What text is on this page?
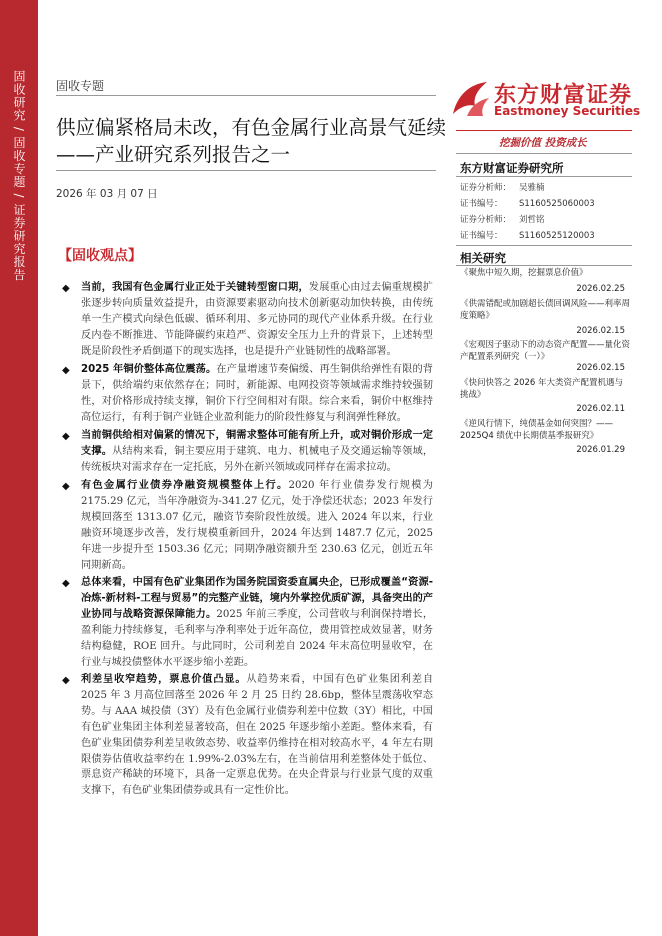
固收研究 / 固收专题 / 证券研究报告	固收专题
供应偏紧格局未改，有色金属行业高景气延续——产业研究系列报告之一
2026 年 03 月 07 日
东方财富证券
Eastmoney Securities
挖掘价值 投资成长
东方财富证券研究所
证券分析师： 吴雅楠
证书编号： S1160525060003
证券分析师： 刘哲铭
证书编号： S1160525120003
相关研究
《聚焦中短久期，挖掘票息价值》
2026.02.25
《供需错配或加剧超长债回调风险——利率周度策略》
2026.02.15
《宏观因子驱动下的动态资产配置——量化资产配置系列研究（一）》
2026.02.15
《快问快答之 2026 年大类资产配置机遇与挑战》
2026.02.11
《逆风行情下，纯债基金如何突围？——2025Q4 绩优中长期债基季报研究》
2026.01.29
【固收观点】
◆ 当前，我国有色金属行业正处于关键转型窗口期，发展重心由过去偏重规模扩张逐步转向质量效益提升，由资源要素驱动向技术创新驱动加快转换，由传统单一生产模式向绿色低碳、循环利用、多元协同的现代产业体系升级。在行业反内卷不断推进、节能降碳约束趋严、资源安全压力上升的背景下，上述转型既是阶段性矛盾倒逼下的现实选择，也是提升产业链韧性的战略部署。
◆ 2025 年铜价整体高位震荡。在产量增速节奏偏缓、再生铜供给弹性有限的背景下，供给端约束依然存在；同时，新能源、电网投资等领域需求维持较强韧性，对价格形成持续支撑，铜价下行空间相对有限。综合来看，铜价中枢维持高位运行，有利于铜产业链企业盈利能力的阶段性修复与利润弹性释放。
◆ 当前铜供给相对偏紧的情况下，铜需求整体可能有所上升，或对铜价形成一定支撑。从结构来看，铜主要应用于建筑、电力、机械电子及交通运输等领域，传统板块对需求存在一定托底，另外在新兴领域或同样存在需求拉动。
◆ 有色金属行业债券净融资规模整体上行。2020 年行业债券发行规模为 2175.29 亿元，当年净融资为-341.27 亿元，处于净偿还状态；2023 年发行规模回落至 1313.07 亿元，融资节奏阶段性放缓。进入 2024 年以来，行业融资环境逐步改善，发行规模重新回升，2024 年达到 1487.7 亿元，2025 年进一步提升至 1503.36 亿元；同期净融资额升至 230.63 亿元，创近五年同期新高。
◆ 总体来看，中国有色矿业集团作为国务院国资委直属央企，已形成覆盖“资源-冶炼-新材料-工程与贸易”的完整产业链，境内外掌控优质矿源，具备突出的产业协同与战略资源保障能力。2025 年前三季度，公司营收与利润保持增长，盈利能力持续修复，毛利率与净利率处于近年高位，费用管控成效显著，财务结构稳健，ROE 回升。与此同时，公司利差自 2024 年末高位明显收窄，在行业与城投债整体水平逐步缩小差距。
◆ 利差呈收窄趋势，票息价值凸显。从趋势来看，中国有色矿业集团利差自 2025 年 3 月高位回落至 2026 年 2 月 25 日约 28.6bp，整体呈震荡收窄态势。与 AAA 城投债（3Y）及有色金属行业债券利差中位数（3Y）相比，中国有色矿业集团主体利差显著较高，但在 2025 年逐步缩小差距。整体来看，有色矿业集团债券利差呈收敛态势、收益率仍维持在相对较高水平，4 年左右期限债券估值收益率约在 1.99%-2.03%左右，在当前信用利差整体处于低位、票息资产稀缺的环境下，具备一定票息优势。在央企背景与行业景气度的双重支撑下，有色矿业集团债券或具有一定性价比。
